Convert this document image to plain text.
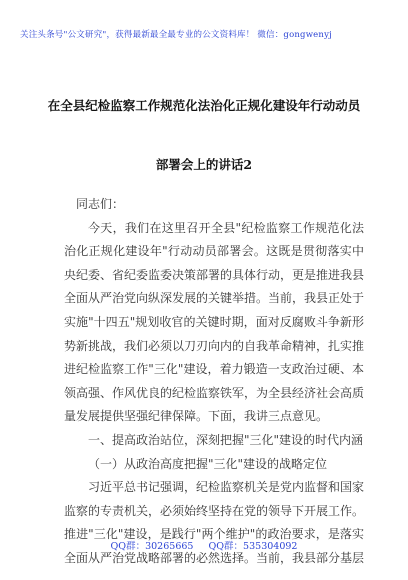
关注头条号"公文研究"，获得最新最全最专业的公文资料库！ 微信：gongwenyj
在全县纪检监察工作规范化法治化正规化建设年行动动员
部署会上的讲话2

同志们：

今天，我们在这里召开全县"纪检监察工作规范化法治化正规化建设年"行动动员部署会。这既是贯彻落实中央纪委、省纪委监委决策部署的具体行动，更是推进我县全面从严治党向纵深发展的关键举措。当前，我县正处于实施"十四五"规划收官的关键时期，面对反腐败斗争新形势新挑战，我们必须以刀刃向内的自我革命精神，扎实推进纪检监察工作"三化"建设，着力锻造一支政治过硬、本领高强、作风优良的纪检监察铁军，为全县经济社会高质量发展提供坚强纪律保障。下面，我讲三点意见。

一、提高政治站位，深刻把握"三化"建设的时代内涵

（一）从政治高度把握"三化"建设的战略定位

习近平总书记强调，纪检监察机关是党内监督和国家监察的专责机关，必须始终坚持在党的领导下开展工作。推进"三化"建设，是践行"两个维护"的政治要求，是落实全面从严治党战略部署的必然选择。当前，我县部分基层

QQ群：30265665 QQ群：535304092
